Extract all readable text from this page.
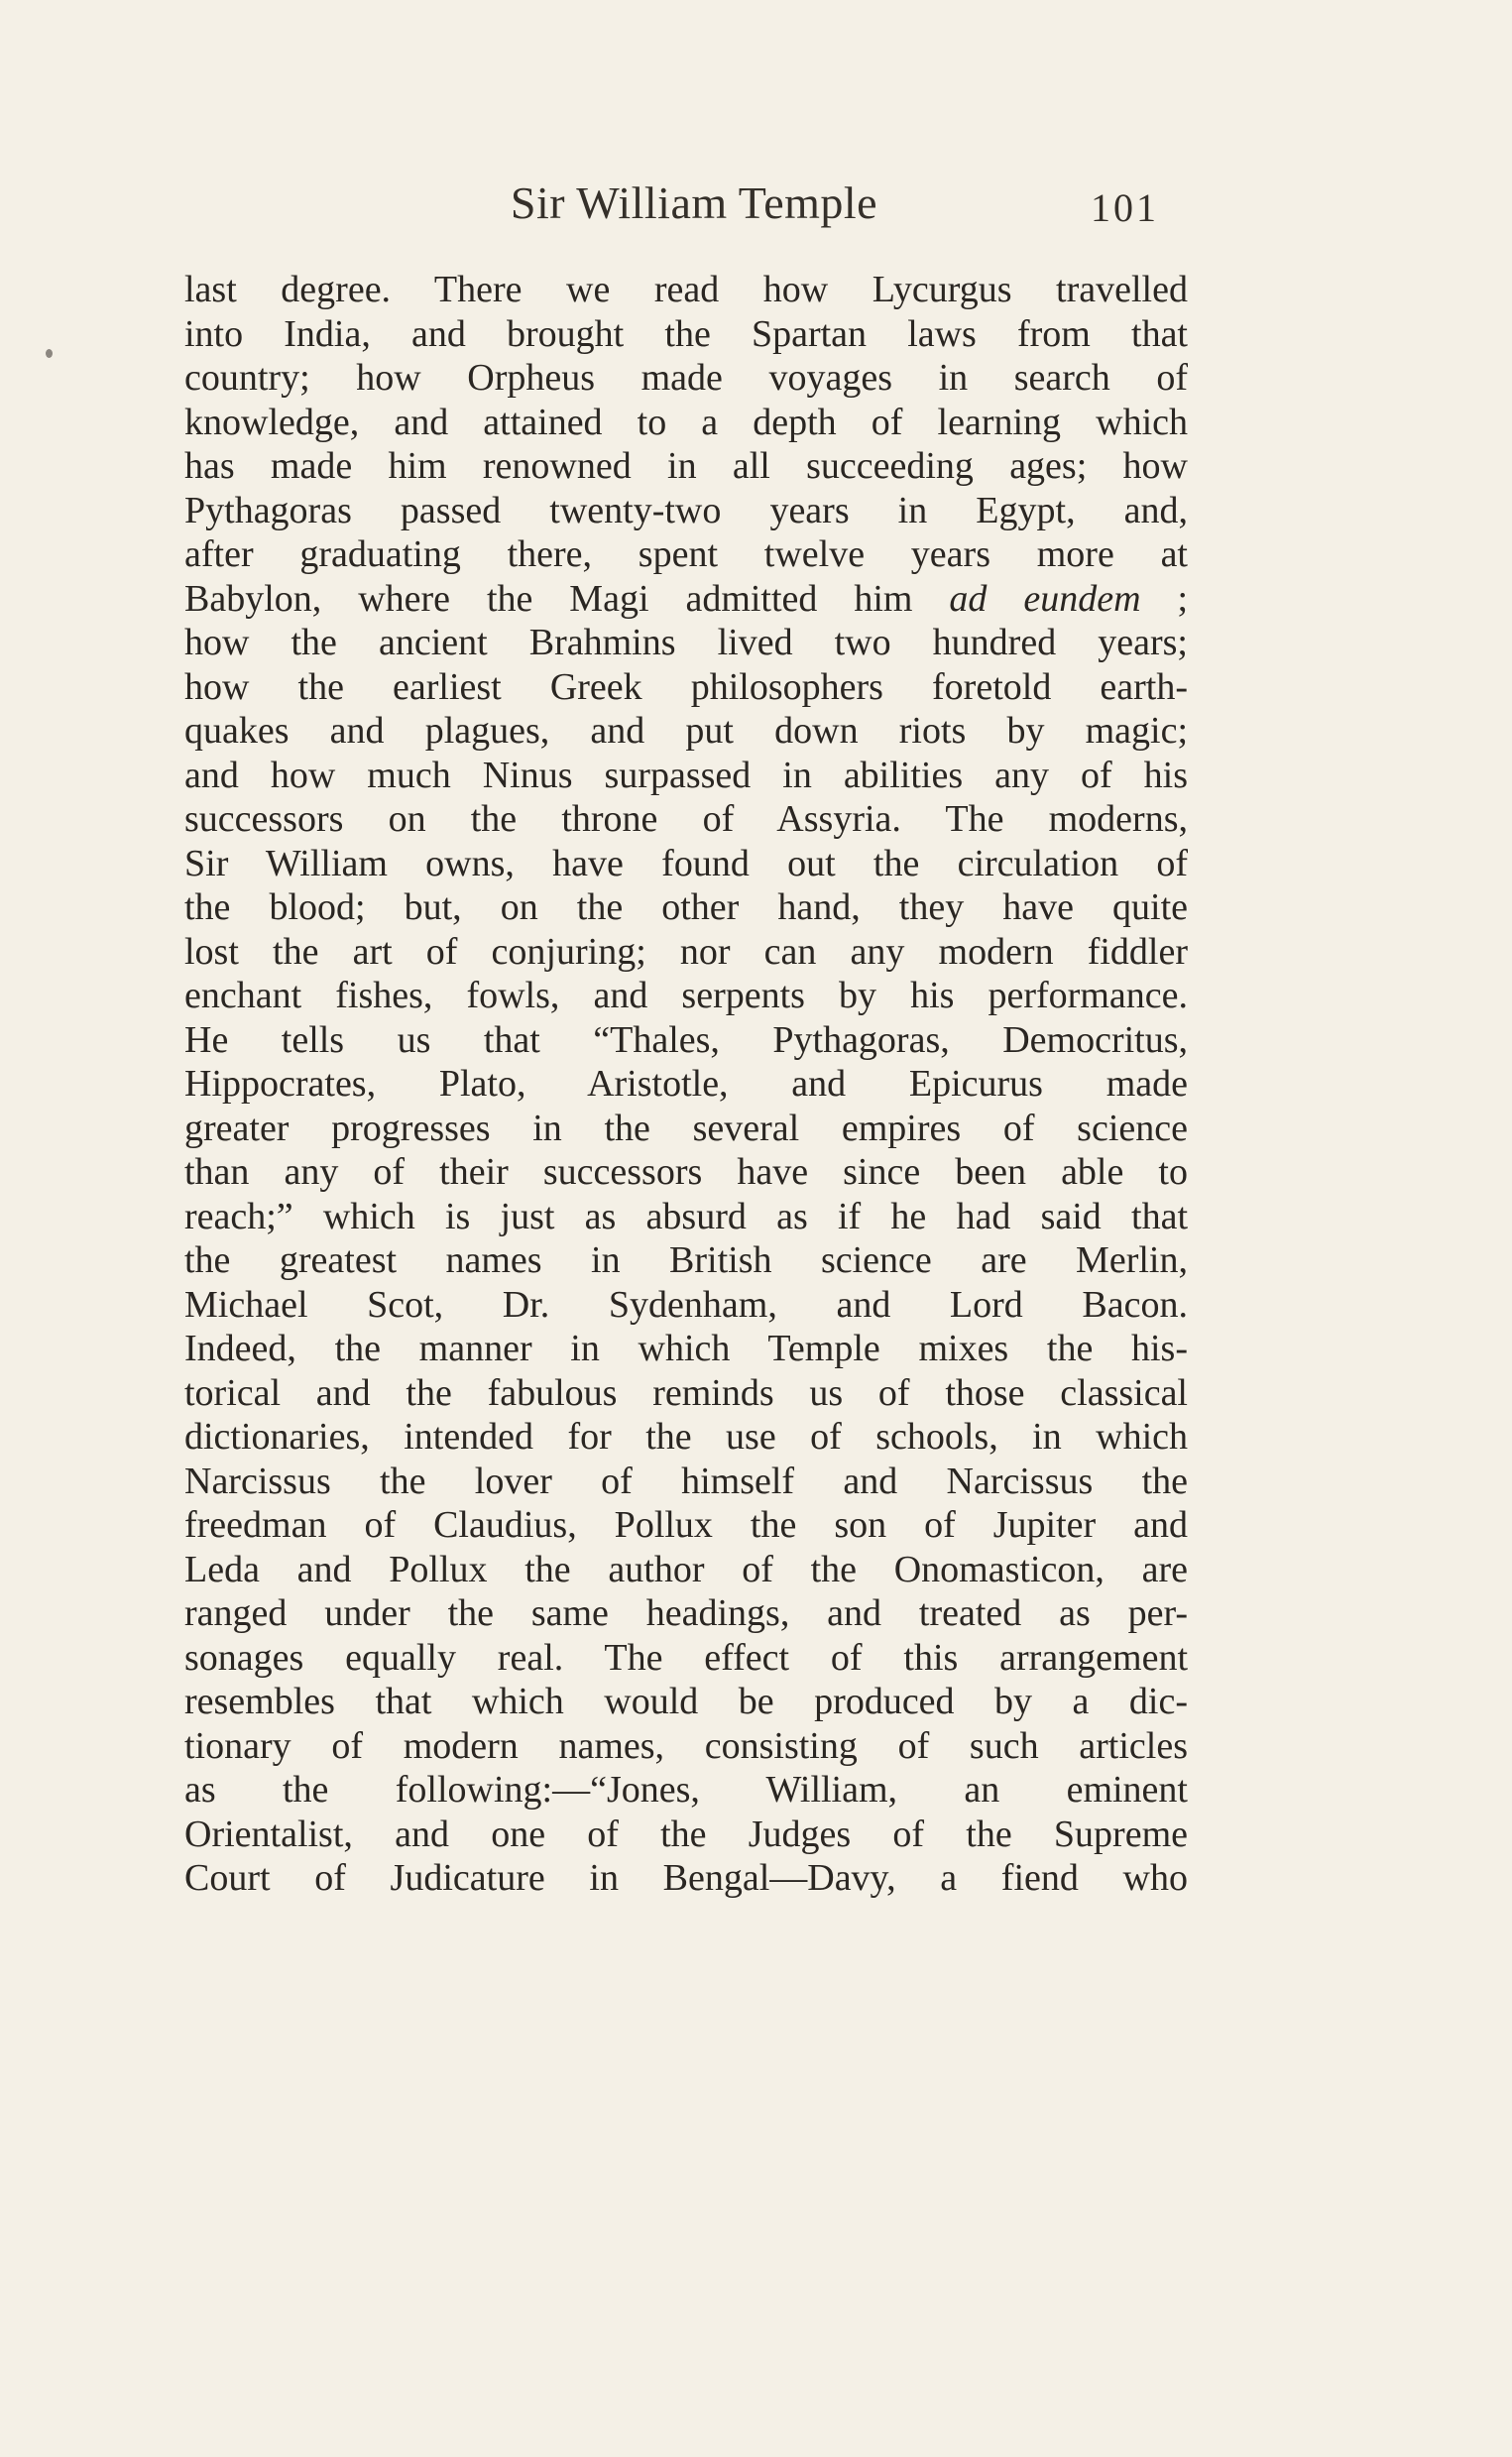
Sir William Temple	101
last degree. There we read how Lycurgus travelled
into India, and brought the Spartan laws from that
country; how Orpheus made voyages in search of
knowledge, and attained to a depth of learning which
has made him renowned in all succeeding ages; how
Pythagoras passed twenty-two years in Egypt, and,
after graduating there, spent twelve years more at
Babylon, where the Magi admitted him ad eundem ;
how the ancient Brahmins lived two hundred years;
how the earliest Greek philosophers foretold earth-
quakes and plagues, and put down riots by magic;
and how much Ninus surpassed in abilities any of his
successors on the throne of Assyria. The moderns,
Sir William owns, have found out the circulation of
the blood; but, on the other hand, they have quite
lost the art of conjuring; nor can any modern fiddler
enchant fishes, fowls, and serpents by his performance.
He tells us that “Thales, Pythagoras, Democritus,
Hippocrates, Plato, Aristotle, and Epicurus made
greater progresses in the several empires of science
than any of their successors have since been able to
reach;” which is just as absurd as if he had said that
the greatest names in British science are Merlin,
Michael Scot, Dr. Sydenham, and Lord Bacon.
Indeed, the manner in which Temple mixes the his-
torical and the fabulous reminds us of those classical
dictionaries, intended for the use of schools, in which
Narcissus the lover of himself and Narcissus the
freedman of Claudius, Pollux the son of Jupiter and
Leda and Pollux the author of the Onomasticon, are
ranged under the same headings, and treated as per-
sonages equally real. The effect of this arrangement
resembles that which would be produced by a dic-
tionary of modern names, consisting of such articles
as the following:—“Jones, William, an eminent
Orientalist, and one of the Judges of the Supreme
Court of Judicature in Bengal—Davy, a fiend who
